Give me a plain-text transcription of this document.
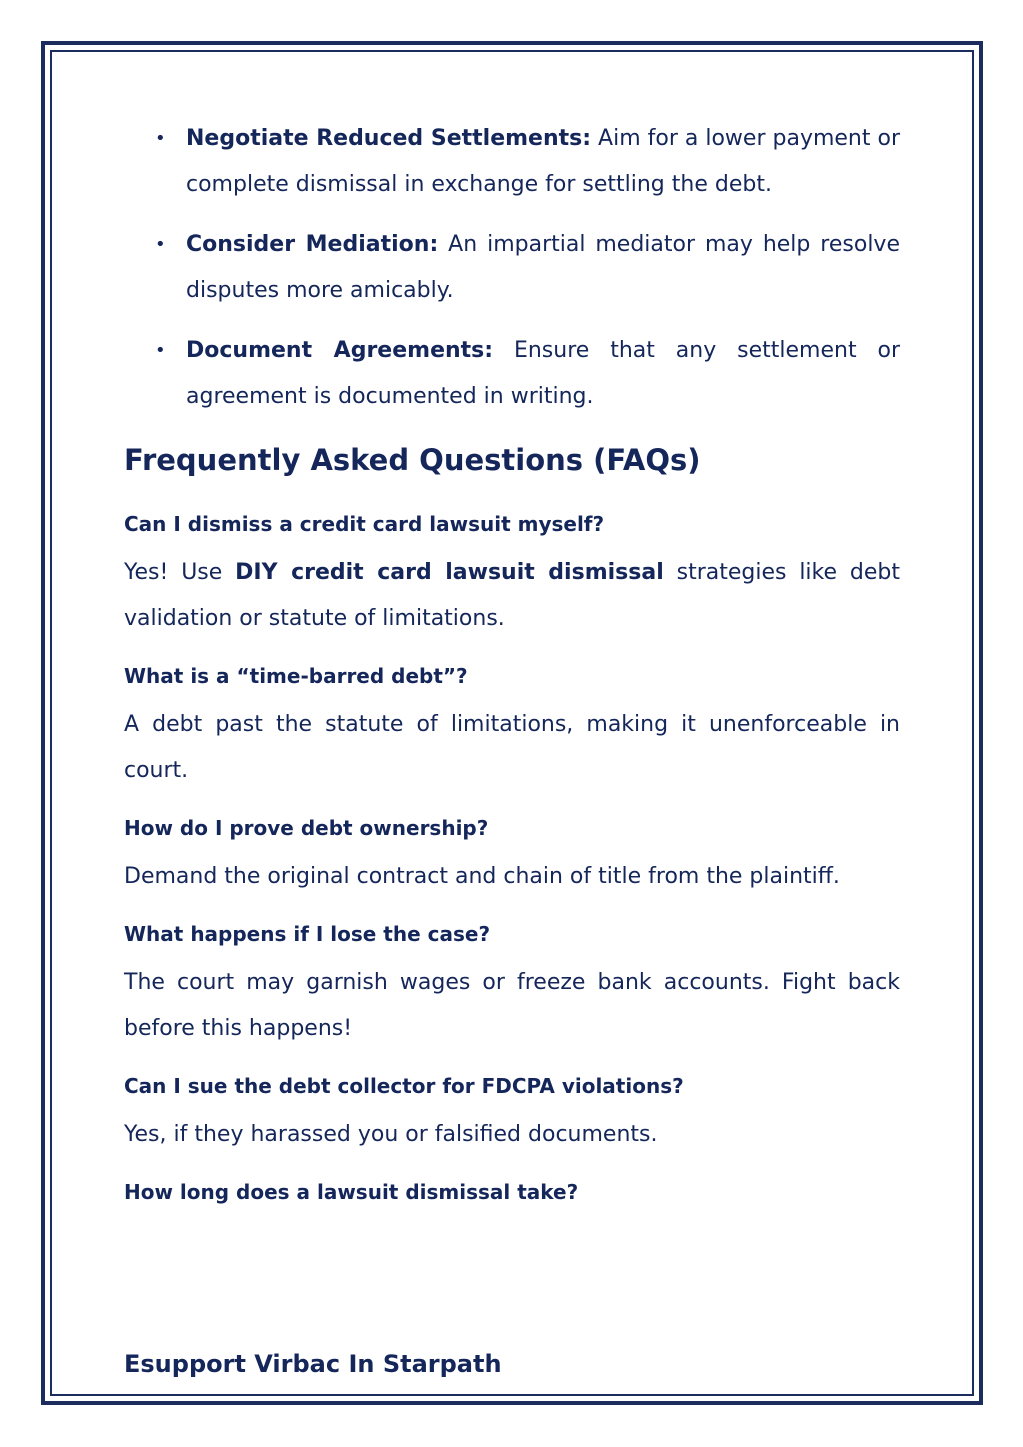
• Negotiate Reduced Settlements: Aim for a lower payment or complete dismissal in exchange for settling the debt.
• Consider Mediation: An impartial mediator may help resolve disputes more amicably.
• Document Agreements: Ensure that any settlement or agreement is documented in writing.
Frequently Asked Questions (FAQs)
Can I dismiss a credit card lawsuit myself?

Yes! Use DIY credit card lawsuit dismissal strategies like debt validation or statute of limitations.

What is a “time-barred debt”?

A debt past the statute of limitations, making it unenforceable in court.

How do I prove debt ownership?

Demand the original contract and chain of title from the plaintiff.

What happens if I lose the case?

The court may garnish wages or freeze bank accounts. Fight back before this happens!

Can I sue the debt collector for FDCPA violations?

Yes, if they harassed you or falsified documents.

How long does a lawsuit dismissal take?
Esupport Virbac In Starpath
